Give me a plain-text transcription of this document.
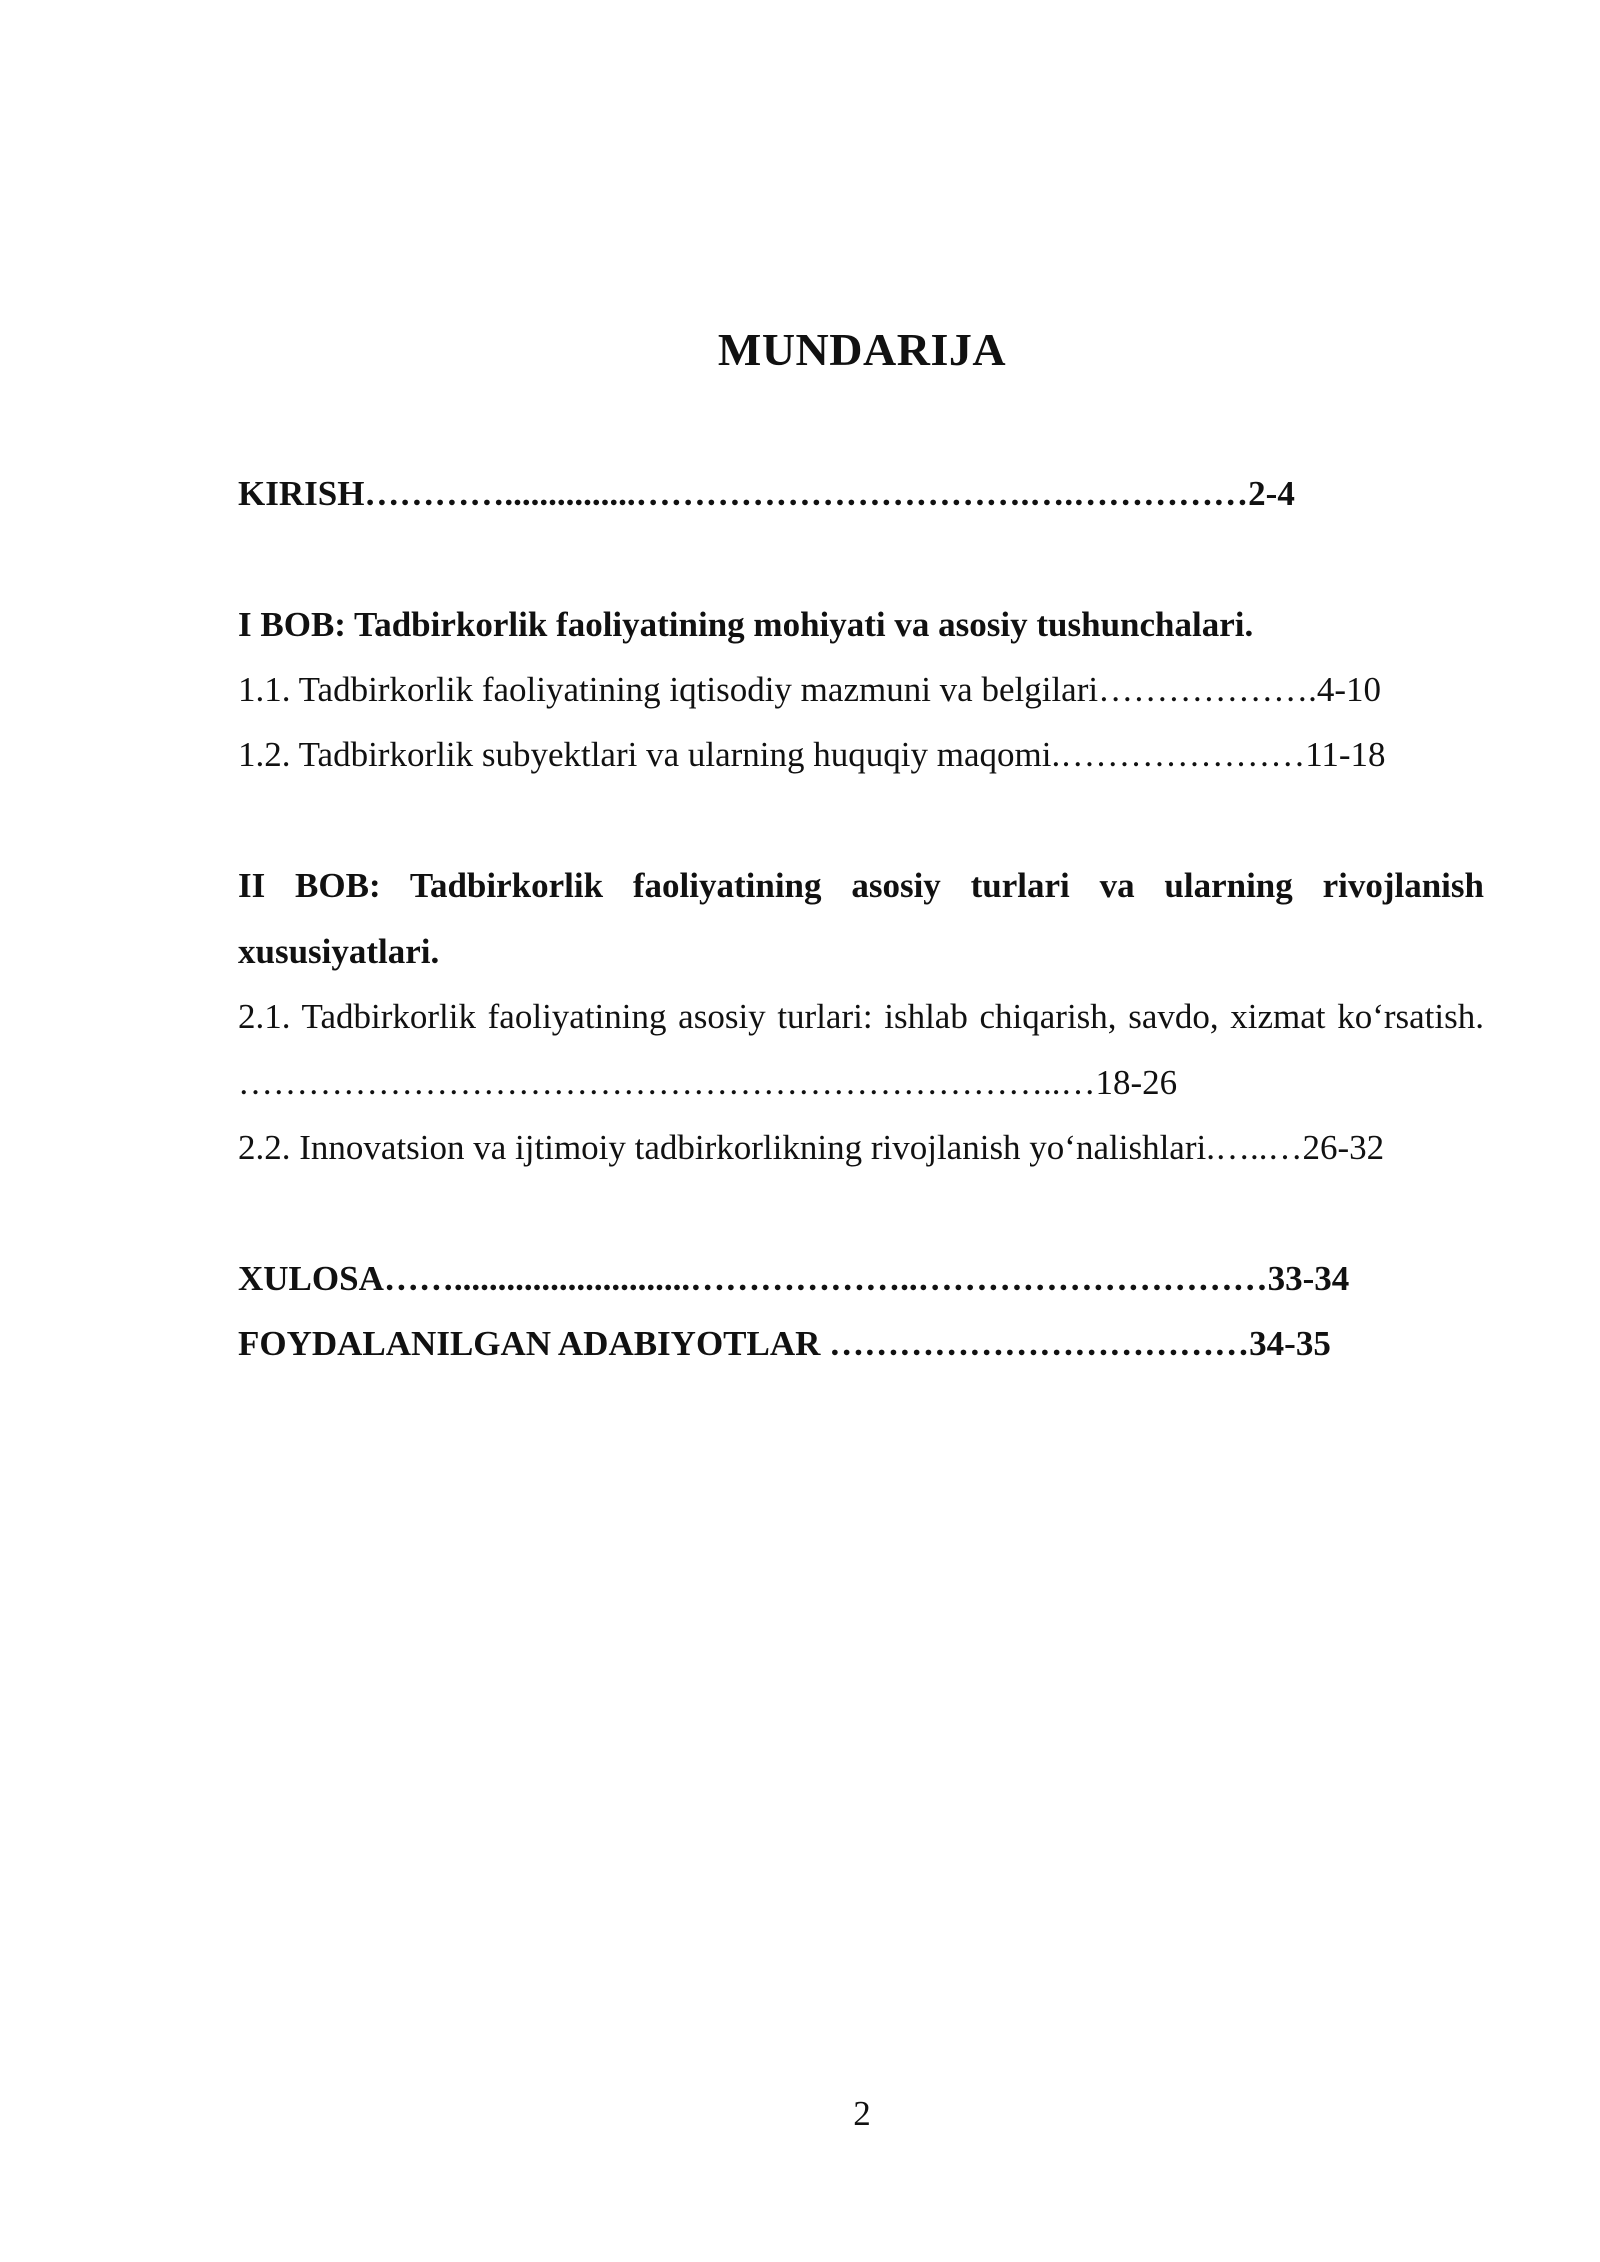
MUNDARIJA
KIRISH…………...............…………………………….….……………2-4
I BOB: Tadbirkorlik faoliyatining mohiyati va asosiy tushunchalari.
1.1. Tadbirkorlik faoliyatining iqtisodiy mazmuni va belgilari……………….4-10
1.2. Tadbirkorlik subyektlari va ularning huquqiy maqomi.…………………11-18
II BOB: Tadbirkorlik faoliyatining asosiy turlari va ularning rivojlanish xususiyatlari.
2.1. Tadbirkorlik faoliyatining asosiy turlari: ishlab chiqarish, savdo, xizmat ko‘rsatish. ……………………………………………………………..…18-26
2.2. Innovatsion va ijtimoiy tadbirkorlikning rivojlanish yo‘nalishlari.…..…26-32
XULOSA……...........................………………..…………………………33-34
FOYDALANILGAN ADABIYOTLAR ………………………………34-35
2
